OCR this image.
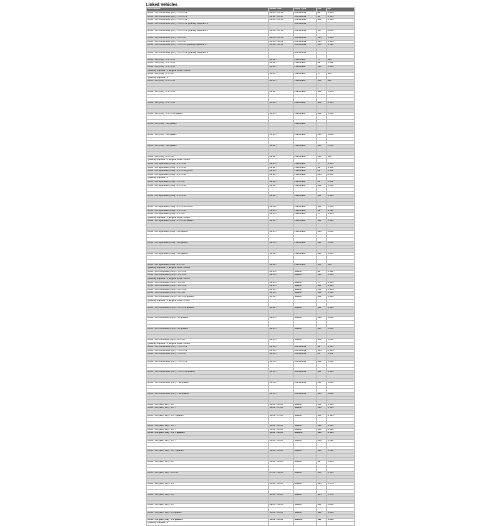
Linked Vehicles
Description	Model Year	Body Type	KW	Hp
AUDI - A3 Convertible (8P7) - 1.4 TFSI	04.08 - 05.13	Convertible	92	1 125
AUDI - A3 Convertible (8P7) - 1.4 TFSI	02.11 - 05.13	Convertible	92	1 125
AUDI - A3 Convertible (8P7) - 1.8 TFSI	04.08 - 05.13	Convertible	118	1 160
AUDI - A3 Convertible (8P7) - 1.8 TFSI Quantity required: 2		Convertible		

AUDI - A3 Convertible (8P7) - 2.0 TFSI Quantity required: 2	04.08 - 05.13	Convertible	147	1 200

AUDI - A3 Convertible (8P7) - 2.0 TDI	04.08 - 05.13	Convertible	103	1 140
AUDI - A3 Convertible (8P7) - 2.0 TDI	04.08 - 10.09	Convertible	103	1 140
AUDI - A3 Convertible (8P7) - 2.0 TDI Quantity required: 2	04.09 - 05.13	Convertible	103	1 140

AUDI - A3 Convertible (8P7) - 2.0 TFSI Quantity required: 1		Convertible		

AUDI - A3 (8V1) - 1.2 TFSI	04.12 -	Hatchback	77	105
AUDI - A3 (8V1) - 1.4 TFSI	04.12 -	Hatchback	90	1 122
AUDI - A3 (8V1) - 1.4 TFSI	04.12 -	Hatchback	103	1 140
Quantity required: 1; Engine Code: CMBA				
AUDI - A3 (8V1) - 1.6 TDI	04.12 -	Hatchback	77	105
Quantity required: 1				
AUDI - A3 (8V1) - 1.8 TFSI	04.12 -	Hatchback	132	180

AUDI - A3 (8V1) - 1.8 TFSI	04.12 -	Hatchback	132	1 180

AUDI - A3 (8V1) - 1.8 TFSI	04.12 -	Hatchback	132	1 180

AUDI - A3 (8V1) - 1.8 TFSI quattro	04.13 -	Hatchback	132	1 180

AUDI - A3 (8V1) - S3 quattro		Hatchback		

AUDI - A3 (8V1) - S3 quattro	04.13 -	Hatchback	206	1 280

AUDI - A3 (8V1) - S3 quattro	11.12 -	Hatchback	221	1 300

AUDI - A3 (8V1) - 2.0 TDI	04.12 -	Hatchback	110	150
Quantity required: 1; Engine Code: CRKA				
AUDI - A3 Sportback (8VA) - 1.2 TFSI	09.13 -	Hatchback	77	1 105
AUDI - A3 Sportback (8VA) - 1.4 TFSI	09.12 -	Hatchback	90	1 122
AUDI - A3 Sportback (8VA) - 1.4 TFSI g-tron	09.13 -	Hatchback	81	1 110
AUDI - A3 Sportback (8VA) - 1.4 TFSI	09.12 -	Hatchback	103	1 140
Quantity required: 1				
AUDI - A3 Sportback (8VA) - 1.6 TDI	09.12 -	Hatchback	81	1 110
AUDI - A3 Sportback (8VA) - 1.8 TFSI	09.12 -	Hatchback	132	1 180

AUDI - A3 Sportback (8VA) - 1.8 TFSI	09.12 -	Hatchback	132	1 180

AUDI - A3 Sportback (8VA) - 1.8 TFSI e-tron	09.14 -	Hatchback	110	1 150
AUDI - A3 Sportback (8VA) - 1.4 TFSI	09.13 -	Hatchback	90	1 122
AUDI - A3 Sportback (8VA) - 1.6 TDI	09.13 -	Hatchback	77	1 105
Quantity required: 1; Engine Code: CRKB				
AUDI - A3 Sportback (8VA) - 1.8 TFSI quattro	09.12 -	Hatchback	132	1 180

AUDI - A3 Sportback (8VA) - S3 quattro	09.13 -	Hatchback	206	1 280

AUDI - A3 Sportback (8VA) - S3 quattro	09.13 -	Hatchback	221	1 300

AUDI - A3 Sportback (8VA) - S3 quattro	11.13 -	Hatchback	221	1 300

AUDI - A3 Sportback (8VA) - 2.0 TDI	09.12 -	Hatchback	110	150
Quantity required: 1; Engine Code: CRKA				
AUDI - A3 Limousine (8VS) - 1.4 TFSI	02.13 -	Saloon	90	1 122
AUDI - A3 Limousine (8VS) - 1.4 TFSI	09.13 -	Saloon	103	1 140
Quantity required: 1; Engine Code: CZCA				
AUDI - A3 Limousine (8VS) - 1.6 TDI	09.13 -	Saloon	77	1 105
AUDI - A3 Limousine (8VS) - 1.8 TFSI	09.13 -	Saloon	132	1 180
AUDI - A3 Limousine (8VS) - 1.8 TFSI	09.13 -	Saloon	132	1 180
AUDI - A3 Limousine (8VS) - 2.0 TDI	09.13 -	Saloon	110	1 150
AUDI - A3 Limousine (8VS) - 1.8 TFSI quattro	11.13 -	Saloon	132	1 180
Quantity required: 1; Engine Code: CJSA				

AUDI - A3 Limousine (8VS) - 1.8 TFSI quattro	11.13 -	Saloon	132	1 180

AUDI - A3 Limousine (8VS) - S3 quattro	09.13 -	Saloon	206	1 280

AUDI - A3 Limousine (8VS) - S3 quattro	09.13 -	Saloon	221	1 300

AUDI - A3 Limousine (8VS) - 2.0 TDI	09.13 -	Saloon	110	1 150
Quantity required: 1; Engine Code: CRKA				
AUDI - A3 Convertible (8V7) - 1.4 TFSI	02.14 -	Convertible	92	1 125
AUDI - A3 Convertible (8V7) - 1.4 TFSI	02.14 -	Convertible	103	1 140
AUDI - A3 Convertible (8V7) - 1.6 TDI	02.14 -	Convertible	81	1 110

AUDI - A3 Convertible (8V7) - 1.8 TFSI	02.14 -	Convertible	132	1 180

AUDI - A3 Convertible (8V7) - 1.8 TFSI quattro	02.14 -	Convertible	132	1 180

AUDI - A3 Convertible (8V7) - S3 quattro	02.14 -	Convertible	221	1 300

AUDI - A3 Convertible (8V7) - S3 quattro	02.14 -	Convertible	206	1 280

AUDI - A4 (8EC, B8) - 1.8	11.00 - 12.04	Saloon	110	1 150
AUDI - A4 (8EC, B8) - 1.8 T	11.00 - 07.02	Saloon	120	1 163

AUDI - A4 (8EC, B8) - 1.8 T quattro	11.00 - 07.02	Saloon	110	1 150

AUDI - A4 (8EC, B8) - 1.8 T	11.00 - 12.04	Saloon	120	1 163
AUDI - A4 (8EC, B8) - 1.8 T	11.00 - 12.04	Saloon	140	1 190
AUDI - A4 (8EC, B8) - 1.8 T quattro	11.00 - 12.04	Saloon	120	1 163

AUDI - A4 (8EC, B8) - 1.8 T	11.00 - 12.04	Saloon	140	1 190

AUDI - A4 (8EC, B8) - 1.8 T quattro	11.00 - 12.04	Saloon	140	1 190

AUDI - A4 (8EC, B8) - 2.0	11.00 - 12.04	Saloon	96	1 130

AUDI - A4 (8EC, B8) - 2.0 FSI	07.02 - 12.04	Saloon	110	1 150

AUDI - A4 (8EC, B8) - 2.4	11.00 - 12.04	Saloon	125	1 170

AUDI - A4 (8EC, B8) - 2.4	11.00 - 12.04	Saloon	125	1 170

AUDI - A4 (8EC, B8) - 3.0	09.01 - 12.04	Saloon	162	1 220

AUDI - A4 (8EC, B8) - 3.0 quattro	11.00 - 12.04	Saloon	162	1 220

AUDI - A4 (8EC, B8) - 3.0 quattro	11.00 - 12.04	Saloon	162	1 220
Quantity required: 1				
